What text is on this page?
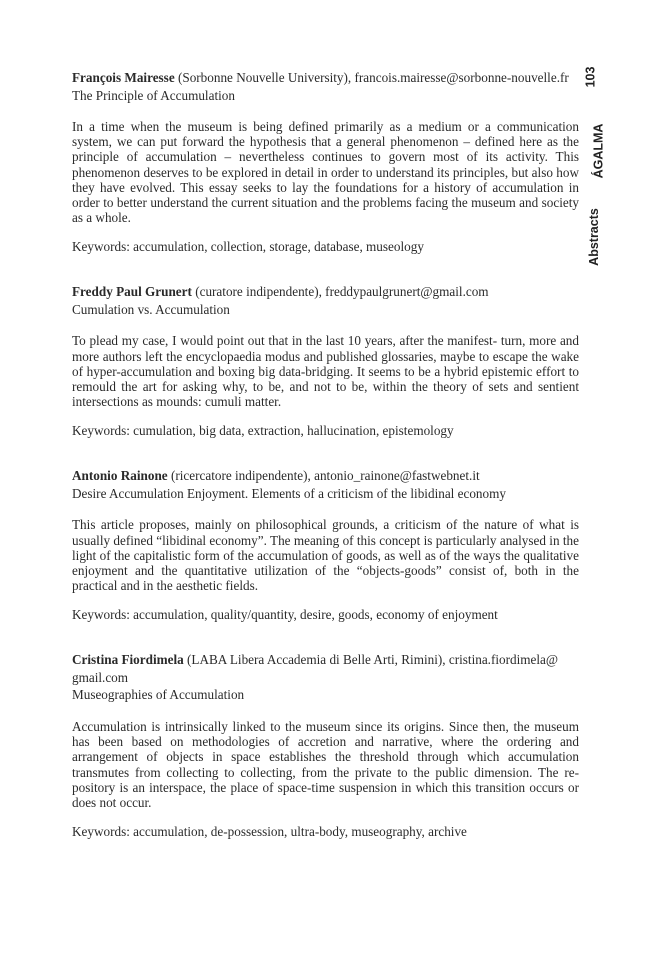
103
ÁGALMA
Abstracts
François Mairesse (Sorbonne Nouvelle University), francois.mairesse@sorbonne-nouvelle.fr
The Principle of Accumulation
In a time when the museum is being defined primarily as a medium or a communication system, we can put forward the hypothesis that a general phenomenon – defined here as the principle of accumulation – nevertheless continues to govern most of its activity. This phenomenon deserves to be explored in detail in order to understand its principles, but also how they have evolved. This essay seeks to lay the foundations for a history of accumulation in order to better understand the current situation and the problems facing the museum and society as a whole.
Keywords: accumulation, collection, storage, database, museology
Freddy Paul Grunert (curatore indipendente), freddypaulgrunert@gmail.com
Cumulation vs. Accumulation
To plead my case, I would point out that in the last 10 years, after the manifest- turn, more and more authors left the encyclopaedia modus and published glossaries, maybe to escape the wake of hyper-accumulation and boxing big data-bridging. It seems to be a hybrid epistemic effort to remould the art for asking why, to be, and not to be, within the theory of sets and sentient intersections as mounds: cumuli matter.
Keywords: cumulation, big data, extraction, hallucination, epistemology
Antonio Rainone (ricercatore indipendente), antonio_rainone@fastwebnet.it
Desire Accumulation Enjoyment. Elements of a criticism of the libidinal economy
This article proposes, mainly on philosophical grounds, a criticism of the nature of what is usually defined “libidinal economy”. The meaning of this concept is particularly analysed in the light of the capitalistic form of the accumulation of goods, as well as of the ways the qualitative enjoyment and the quantitative utilization of the “objects-goods” consist of, both in the practical and in the aesthetic fields.
Keywords: accumulation, quality/quantity, desire, goods, economy of enjoyment
Cristina Fiordimela (LABA Libera Accademia di Belle Arti, Rimini), cristina.fiordimela@ gmail.com
Museographies of Accumulation
Accumulation is intrinsically linked to the museum since its origins. Since then, the museum has been based on methodologies of accretion and narrative, where the ordering and arrangement of objects in space establishes the threshold through which accumulation transmutes from collecting to collecting, from the private to the public dimension. The repository is an interspace, the place of space-time suspension in which this transition occurs or does not occur.
Keywords: accumulation, de-possession, ultra-body, museography, archive
